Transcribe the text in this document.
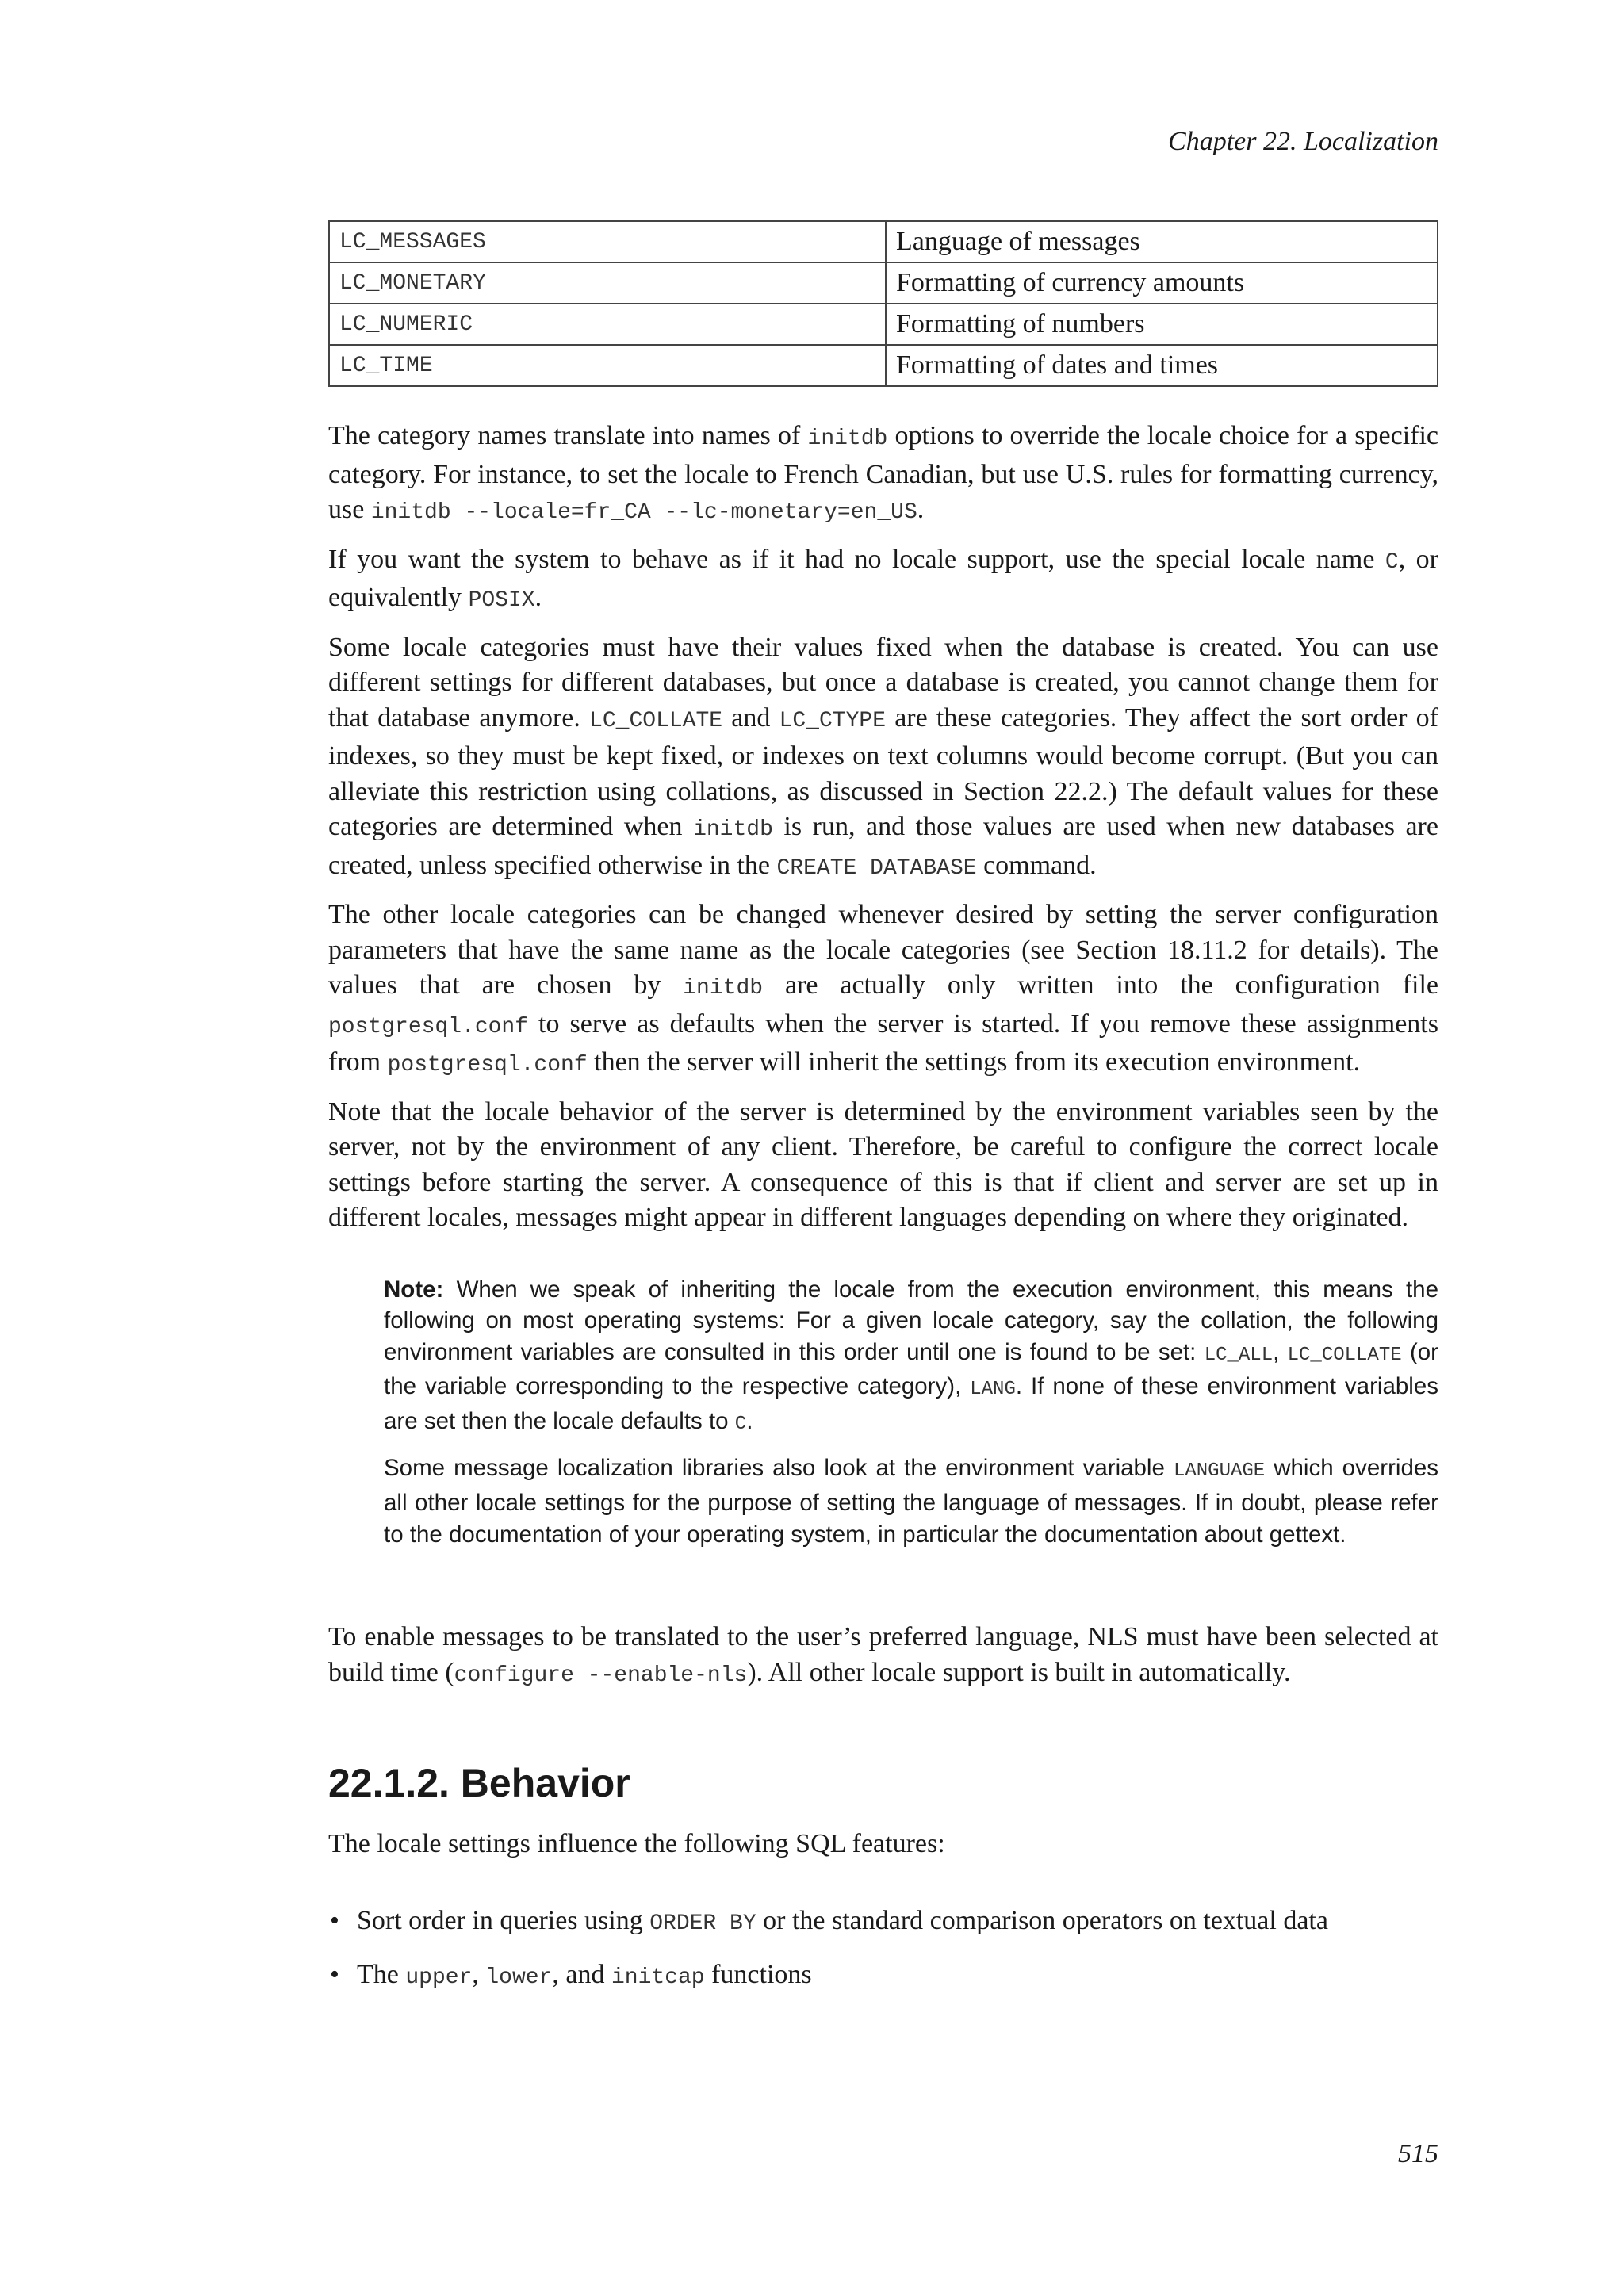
Chapter 22. Localization
LC_MESSAGES	Language of messages
LC_MONETARY	Formatting of currency amounts
LC_NUMERIC	Formatting of numbers
LC_TIME	Formatting of dates and times

The category names translate into names of initdb options to override the locale choice for a specific category. For instance, to set the locale to French Canadian, but use U.S. rules for formatting currency, use initdb --locale=fr_CA --lc-monetary=en_US.

If you want the system to behave as if it had no locale support, use the special locale name C, or equivalently POSIX.

Some locale categories must have their values fixed when the database is created. You can use different settings for different databases, but once a database is created, you cannot change them for that database anymore. LC_COLLATE and LC_CTYPE are these categories. They affect the sort order of indexes, so they must be kept fixed, or indexes on text columns would become corrupt. (But you can alleviate this restriction using collations, as discussed in Section 22.2.) The default values for these categories are determined when initdb is run, and those values are used when new databases are created, unless specified otherwise in the CREATE DATABASE command.

The other locale categories can be changed whenever desired by setting the server configuration parameters that have the same name as the locale categories (see Section 18.11.2 for details). The values that are chosen by initdb are actually only written into the configuration file postgresql.conf to serve as defaults when the server is started. If you remove these assignments from postgresql.conf then the server will inherit the settings from its execution environment.

Note that the locale behavior of the server is determined by the environment variables seen by the server, not by the environment of any client. Therefore, be careful to configure the correct locale settings before starting the server. A consequence of this is that if client and server are set up in different locales, messages might appear in different languages depending on where they originated.

Note: When we speak of inheriting the locale from the execution environment, this means the following on most operating systems: For a given locale category, say the collation, the following environment variables are consulted in this order until one is found to be set: LC_ALL, LC_COLLATE (or the variable corresponding to the respective category), LANG. If none of these environment variables are set then the locale defaults to C.

Some message localization libraries also look at the environment variable LANGUAGE which overrides all other locale settings for the purpose of setting the language of messages. If in doubt, please refer to the documentation of your operating system, in particular the documentation about gettext.

To enable messages to be translated to the user’s preferred language, NLS must have been selected at build time (configure --enable-nls). All other locale support is built in automatically.

22.1.2. Behavior

The locale settings influence the following SQL features:

• Sort order in queries using ORDER BY or the standard comparison operators on textual data
• The upper, lower, and initcap functions
515
